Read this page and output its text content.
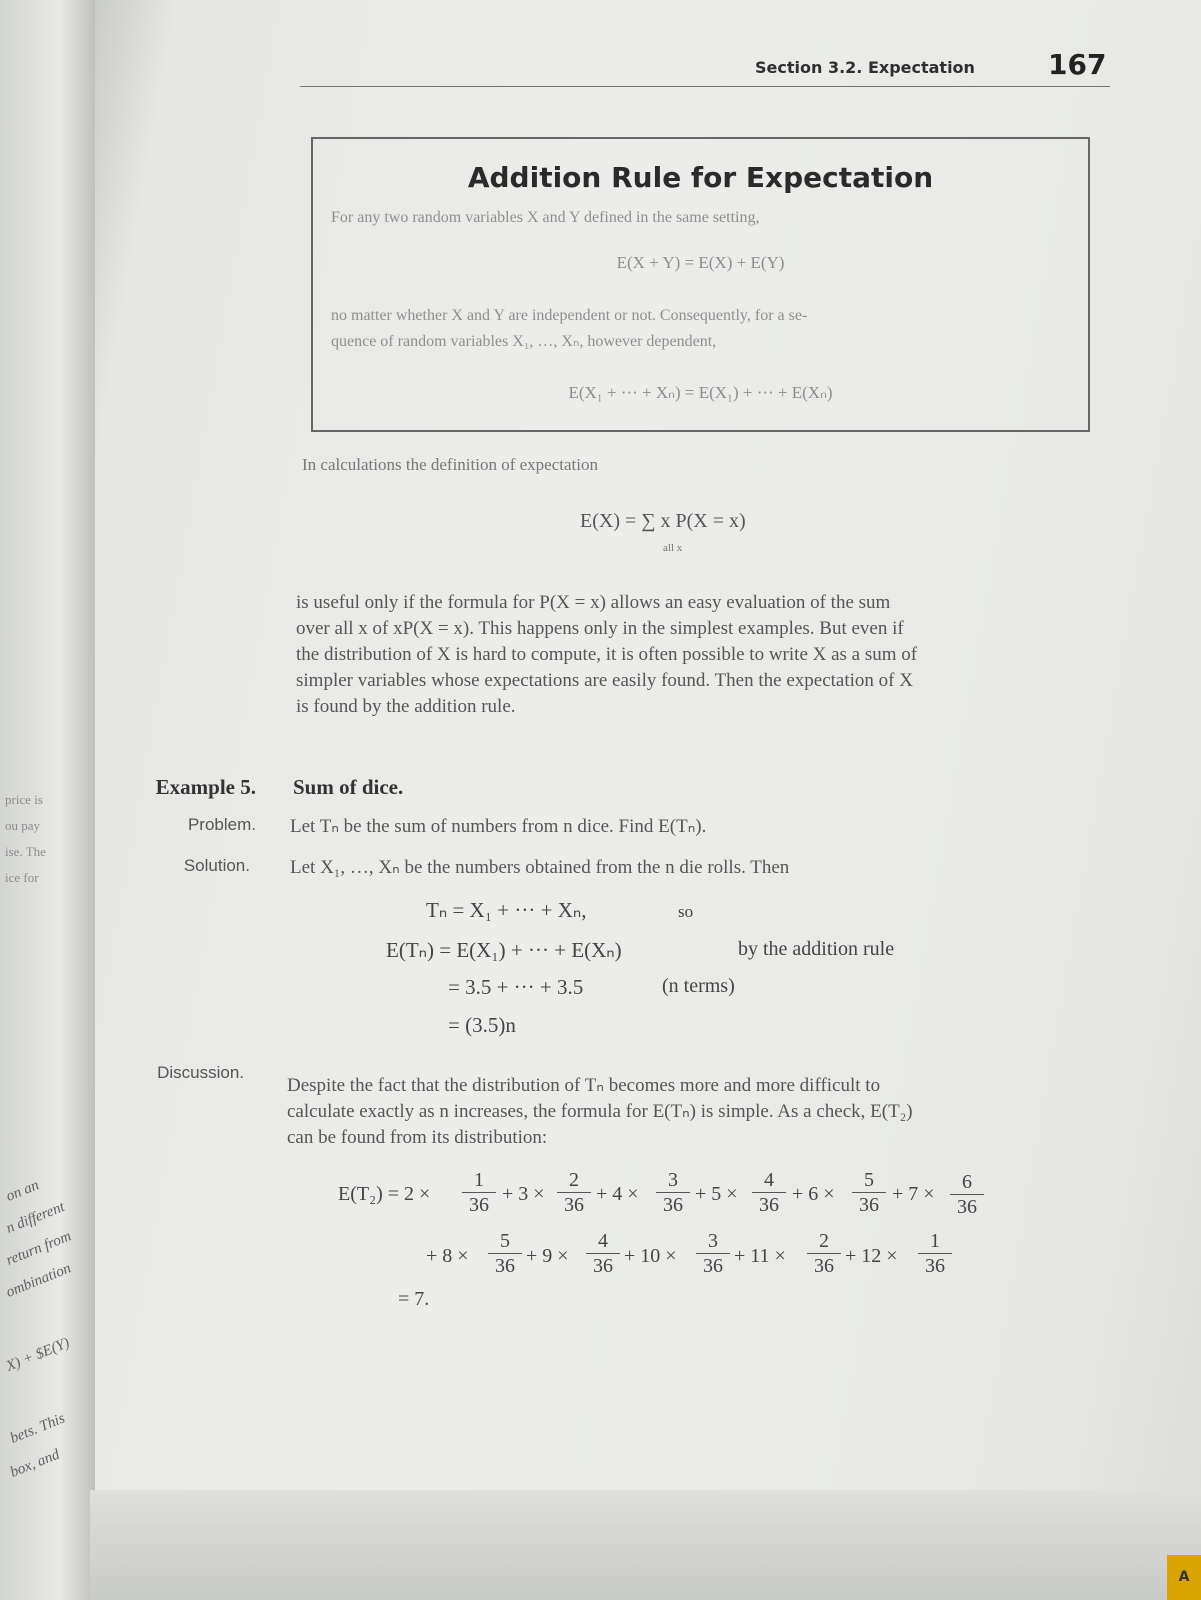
price is
ou pay
ise. The
ice for
on an
n different
return from
ombination
X) + $E(Y)
bets. This
box, and
A
Section 3.2. Expectation	167
Addition Rule for Expectation
For any two random variables X and Y defined in the same setting,
E(X + Y) = E(X) + E(Y)
no matter whether X and Y are independent or not. Consequently, for a se-
quence of random variables X₁, …, Xₙ, however dependent,
E(X₁ + ··· + Xₙ) = E(X₁) + ··· + E(Xₙ)
In calculations the definition of expectation
E(X) = ∑ x P(X = x)
all x
is useful only if the formula for P(X = x) allows an easy evaluation of the sum
over all x of xP(X = x). This happens only in the simplest examples. But even if
the distribution of X is hard to compute, it is often possible to write X as a sum of
simpler variables whose expectations are easily found. Then the expectation of X
is found by the addition rule.
Example 5. Sum of dice.
Problem. Let Tₙ be the sum of numbers from n dice. Find E(Tₙ).
Solution. Let X₁, …, Xₙ be the numbers obtained from the n die rolls. Then
Tₙ = X₁ + ··· + Xₙ,	so
E(Tₙ) = E(X₁) + ··· + E(Xₙ)	by the addition rule
= 3.5 + ··· + 3.5	(n terms)
= (3.5)n
Discussion.
Despite the fact that the distribution of Tₙ becomes more and more difficult to
calculate exactly as n increases, the formula for E(Tₙ) is simple. As a check, E(T₂)
can be found from its distribution:
$E(T_2) = 2 \times \frac{1}{36} + 3 \times \frac{2}{36} + 4 \times \frac{3}{36} + 5 \times \frac{4}{36} + 6 \times \frac{5}{36} + 7 \times \frac{6}{36}$
+ $8 \times \frac{5}{36} + 9 \times \frac{4}{36} + 10 \times \frac{3}{36} + 11 \times \frac{2}{36} + 12 \times \frac{1}{36}$
= 7.
